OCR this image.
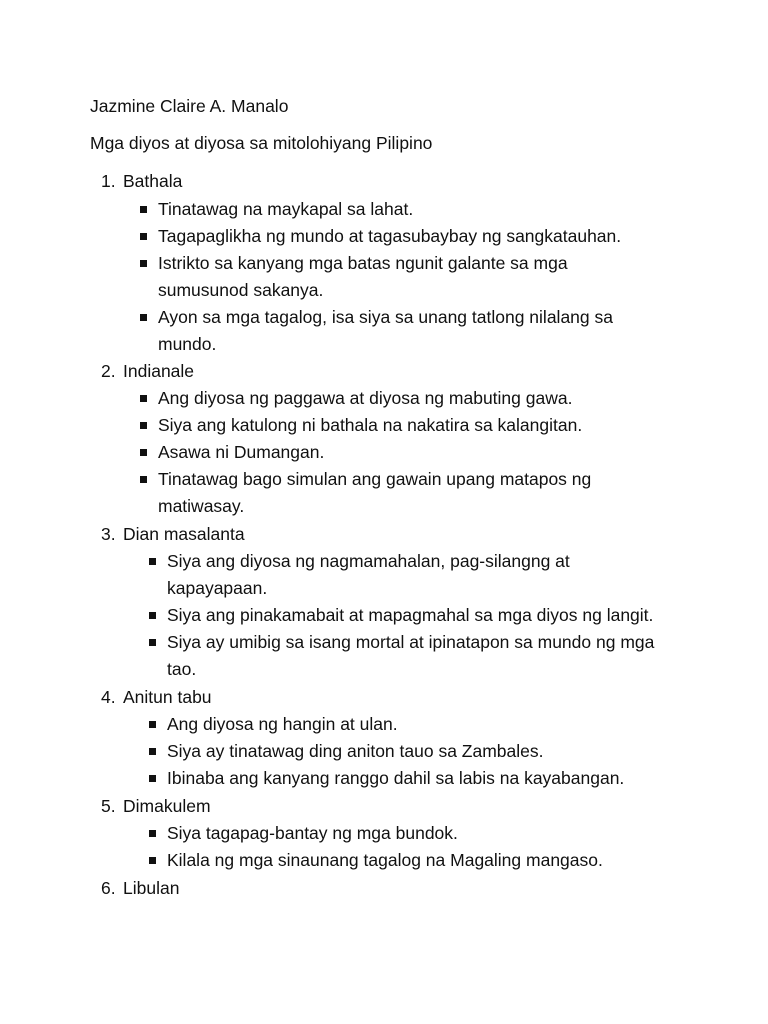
Jazmine Claire A. Manalo
Mga diyos at diyosa sa mitolohiyang Pilipino
1. Bathala
Tinatawag na maykapal sa lahat.
Tagapaglikha ng mundo at tagasubaybay ng sangkatauhan.
Istrikto sa kanyang mga batas ngunit galante sa mga
sumusunod sakanya.
Ayon sa mga tagalog, isa siya sa unang tatlong nilalang sa
mundo.
2. Indianale
Ang diyosa ng paggawa at diyosa ng mabuting gawa.
Siya ang katulong ni bathala na nakatira sa kalangitan.
Asawa ni Dumangan.
Tinatawag bago simulan ang gawain upang matapos ng
matiwasay.
3. Dian masalanta
Siya ang diyosa ng nagmamahalan, pag-silangng at
kapayapaan.
Siya ang pinakamabait at mapagmahal sa mga diyos ng langit.
Siya ay umibig sa isang mortal at ipinatapon sa mundo ng mga
tao.
4. Anitun tabu
Ang diyosa ng hangin at ulan.
Siya ay tinatawag ding aniton tauo sa Zambales.
Ibinaba ang kanyang ranggo dahil sa labis na kayabangan.
5. Dimakulem
Siya tagapag-bantay ng mga bundok.
Kilala ng mga sinaunang tagalog na Magaling mangaso.
6. Libulan
